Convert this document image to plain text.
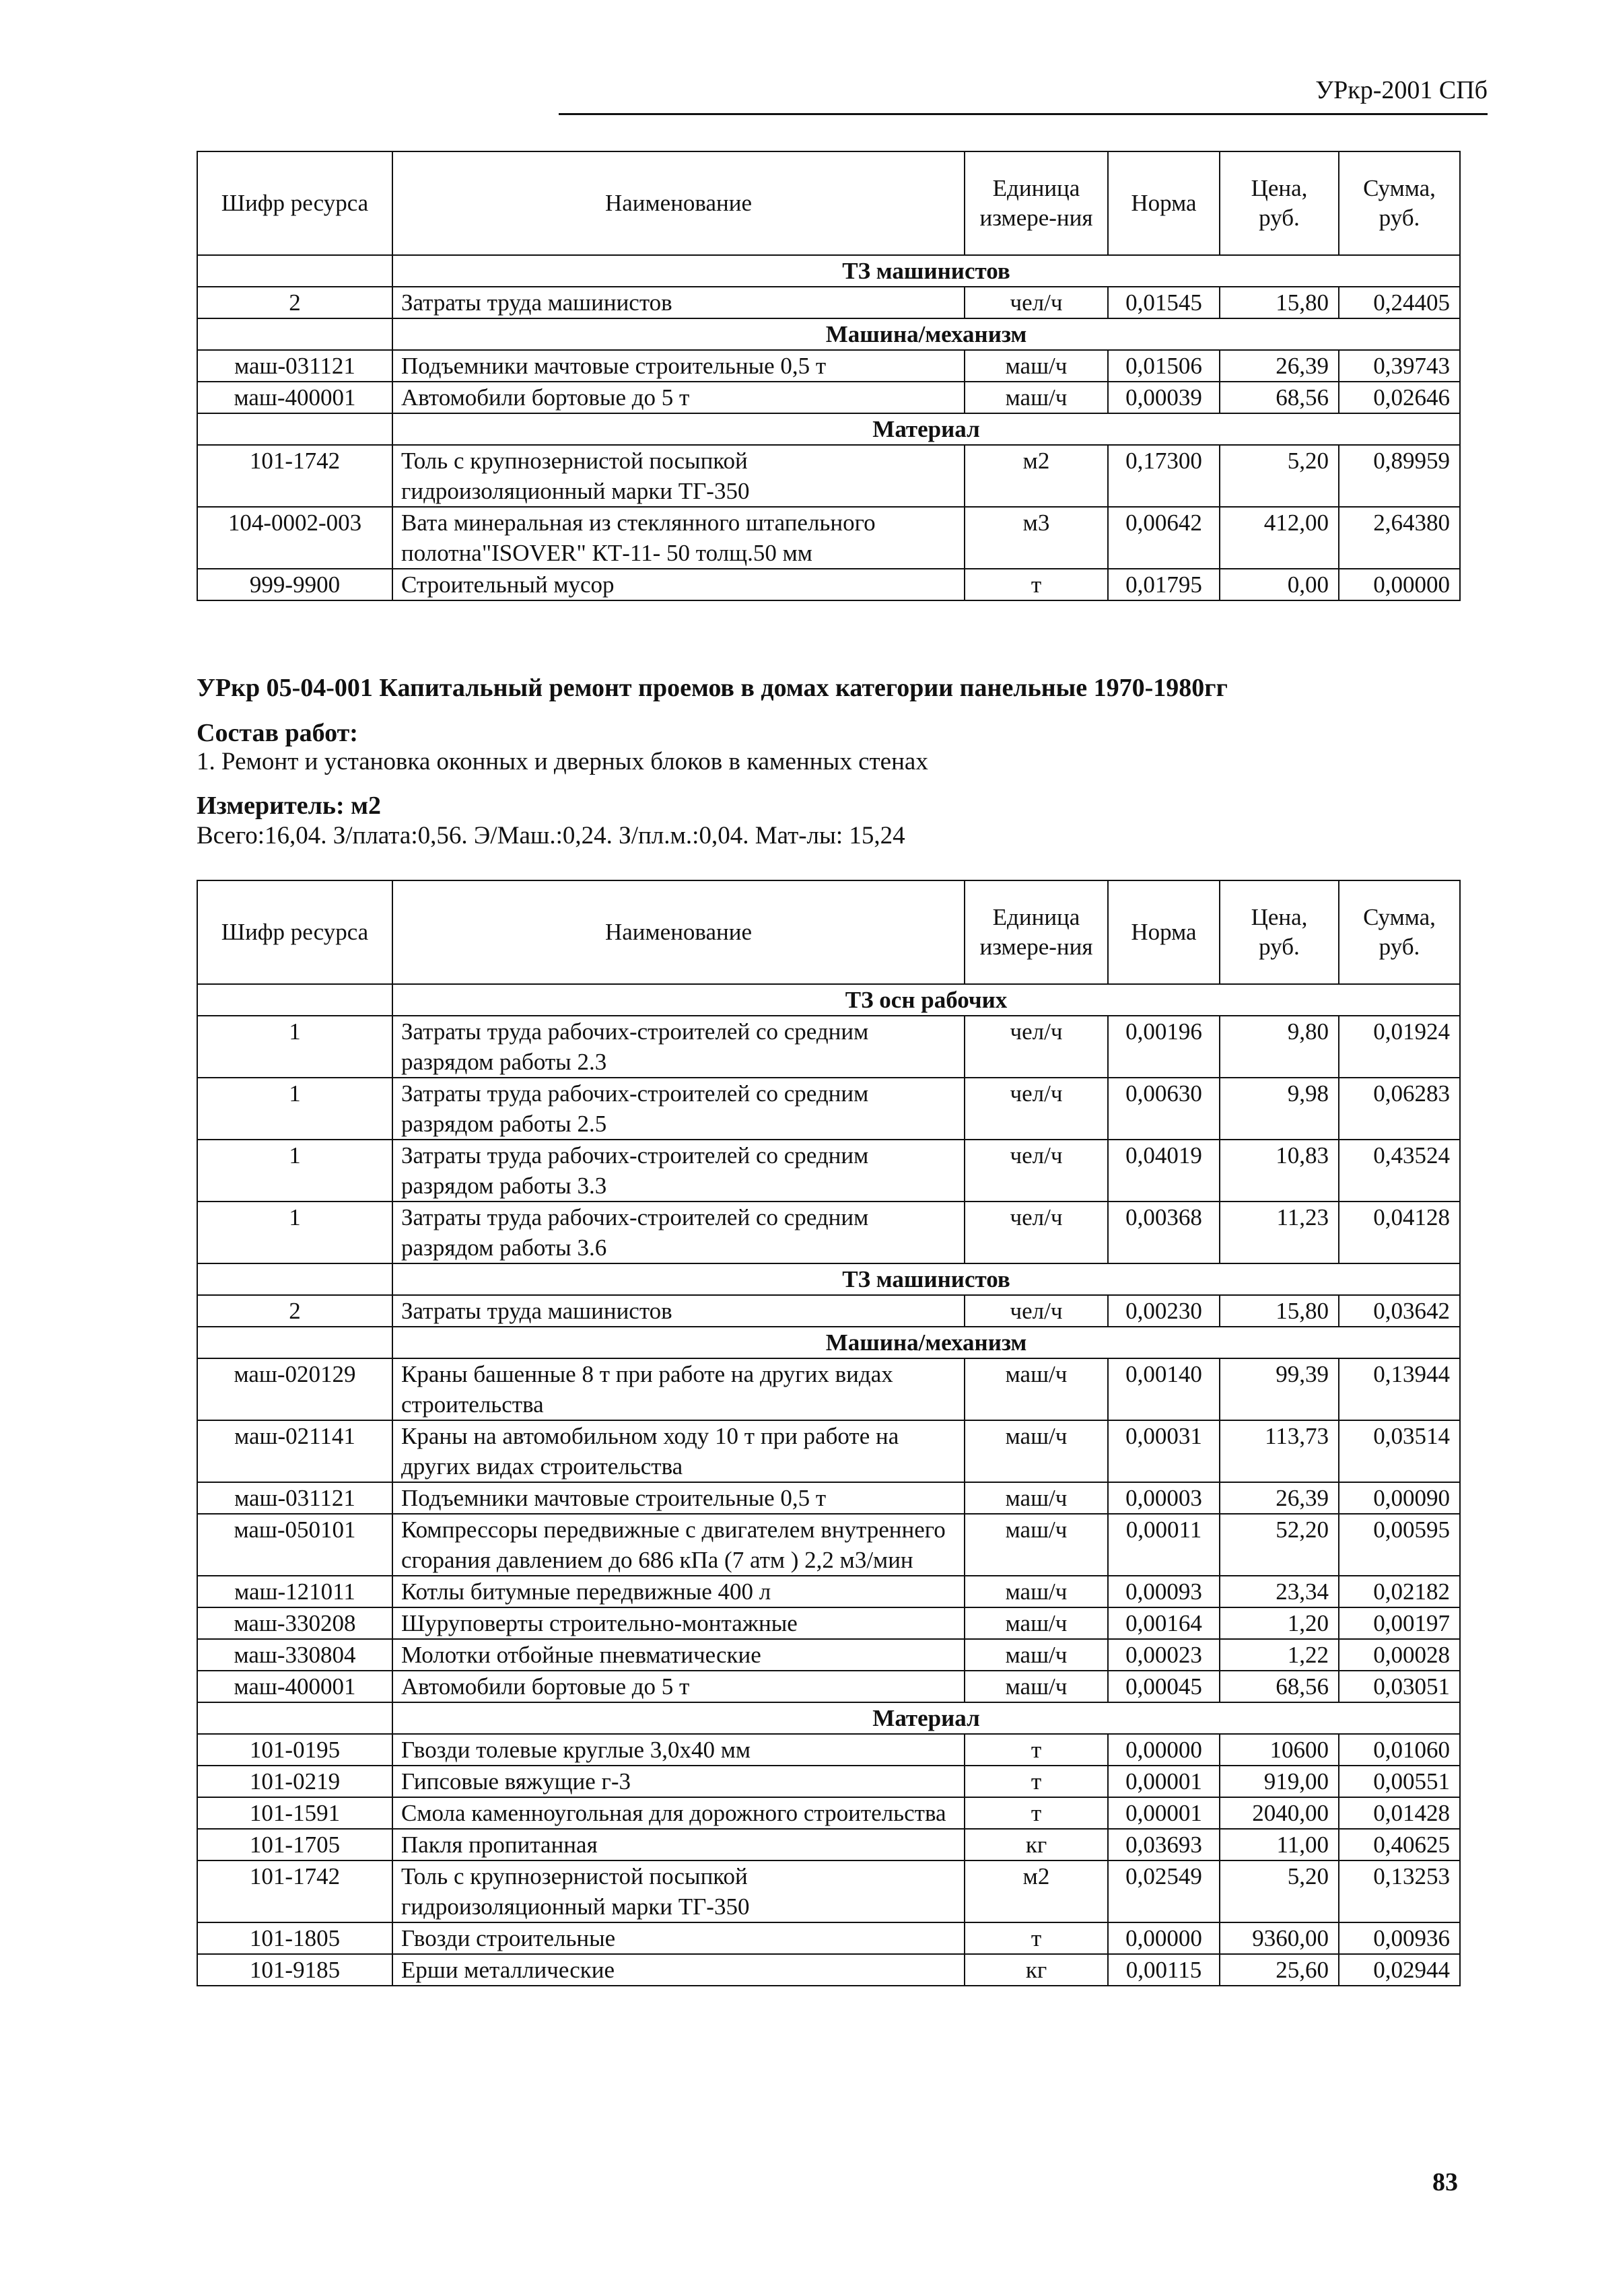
УРкр-2001 СПб
Шифр ресурса	Наименование	Единица измере-ния	Норма	Цена, руб.	Сумма, руб.
	ТЗ машинистов				
2	Затраты труда машинистов	чел/ч	0,01545	15,80	0,24405
	Машина/механизм				
маш-031121	Подъемники мачтовые строительные 0,5 т	маш/ч	0,01506	26,39	0,39743
маш-400001	Автомобили бортовые до 5 т	маш/ч	0,00039	68,56	0,02646
	Материал				
101-1742	Толь с крупнозернистой посыпкой гидроизоляционный марки ТГ-350	м2	0,17300	5,20	0,89959
104-0002-003	Вата минеральная из стеклянного штапельного полотна"ISOVER" КТ-11- 50 толщ.50 мм	м3	0,00642	412,00	2,64380
999-9900	Строительный мусор	т	0,01795	0,00	0,00000
УРкр 05-04-001 Капитальный ремонт проемов в домах категории панельные 1970-1980гг
Состав работ:
1. Ремонт и установка оконных и дверных блоков в каменных стенах
Измеритель: м2
Всего:16,04. З/плата:0,56. Э/Маш.:0,24. З/пл.м.:0,04. Мат-лы: 15,24
Шифр ресурса	Наименование	Единица измере-ния	Норма	Цена, руб.	Сумма, руб.
	ТЗ осн рабочих				
1	Затраты труда рабочих-строителей со средним разрядом работы 2.3	чел/ч	0,00196	9,80	0,01924
1	Затраты труда рабочих-строителей со средним разрядом работы 2.5	чел/ч	0,00630	9,98	0,06283
1	Затраты труда рабочих-строителей со средним разрядом работы 3.3	чел/ч	0,04019	10,83	0,43524
1	Затраты труда рабочих-строителей со средним разрядом работы 3.6	чел/ч	0,00368	11,23	0,04128
	ТЗ машинистов				
2	Затраты труда машинистов	чел/ч	0,00230	15,80	0,03642
	Машина/механизм				
маш-020129	Краны башенные 8 т при работе на других видах строительства	маш/ч	0,00140	99,39	0,13944
маш-021141	Краны на автомобильном ходу 10 т при работе на других видах строительства	маш/ч	0,00031	113,73	0,03514
маш-031121	Подъемники мачтовые строительные 0,5 т	маш/ч	0,00003	26,39	0,00090
маш-050101	Компрессоры передвижные с двигателем внутреннего сгорания давлением до 686 кПа (7 атм ) 2,2 м3/мин	маш/ч	0,00011	52,20	0,00595
маш-121011	Котлы битумные передвижные 400 л	маш/ч	0,00093	23,34	0,02182
маш-330208	Шуруповерты строительно-монтажные	маш/ч	0,00164	1,20	0,00197
маш-330804	Молотки отбойные пневматические	маш/ч	0,00023	1,22	0,00028
маш-400001	Автомобили бортовые до 5 т	маш/ч	0,00045	68,56	0,03051
	Материал				
101-0195	Гвозди толевые круглые 3,0х40 мм	т	0,00000	10600	0,01060
101-0219	Гипсовые вяжущие г-3	т	0,00001	919,00	0,00551
101-1591	Смола каменноугольная для дорожного строительства	т	0,00001	2040,00	0,01428
101-1705	Пакля пропитанная	кг	0,03693	11,00	0,40625
101-1742	Толь с крупнозернистой посыпкой гидроизоляционный марки ТГ-350	м2	0,02549	5,20	0,13253
101-1805	Гвозди строительные	т	0,00000	9360,00	0,00936
101-9185	Ерши металлические	кг	0,00115	25,60	0,02944
83
